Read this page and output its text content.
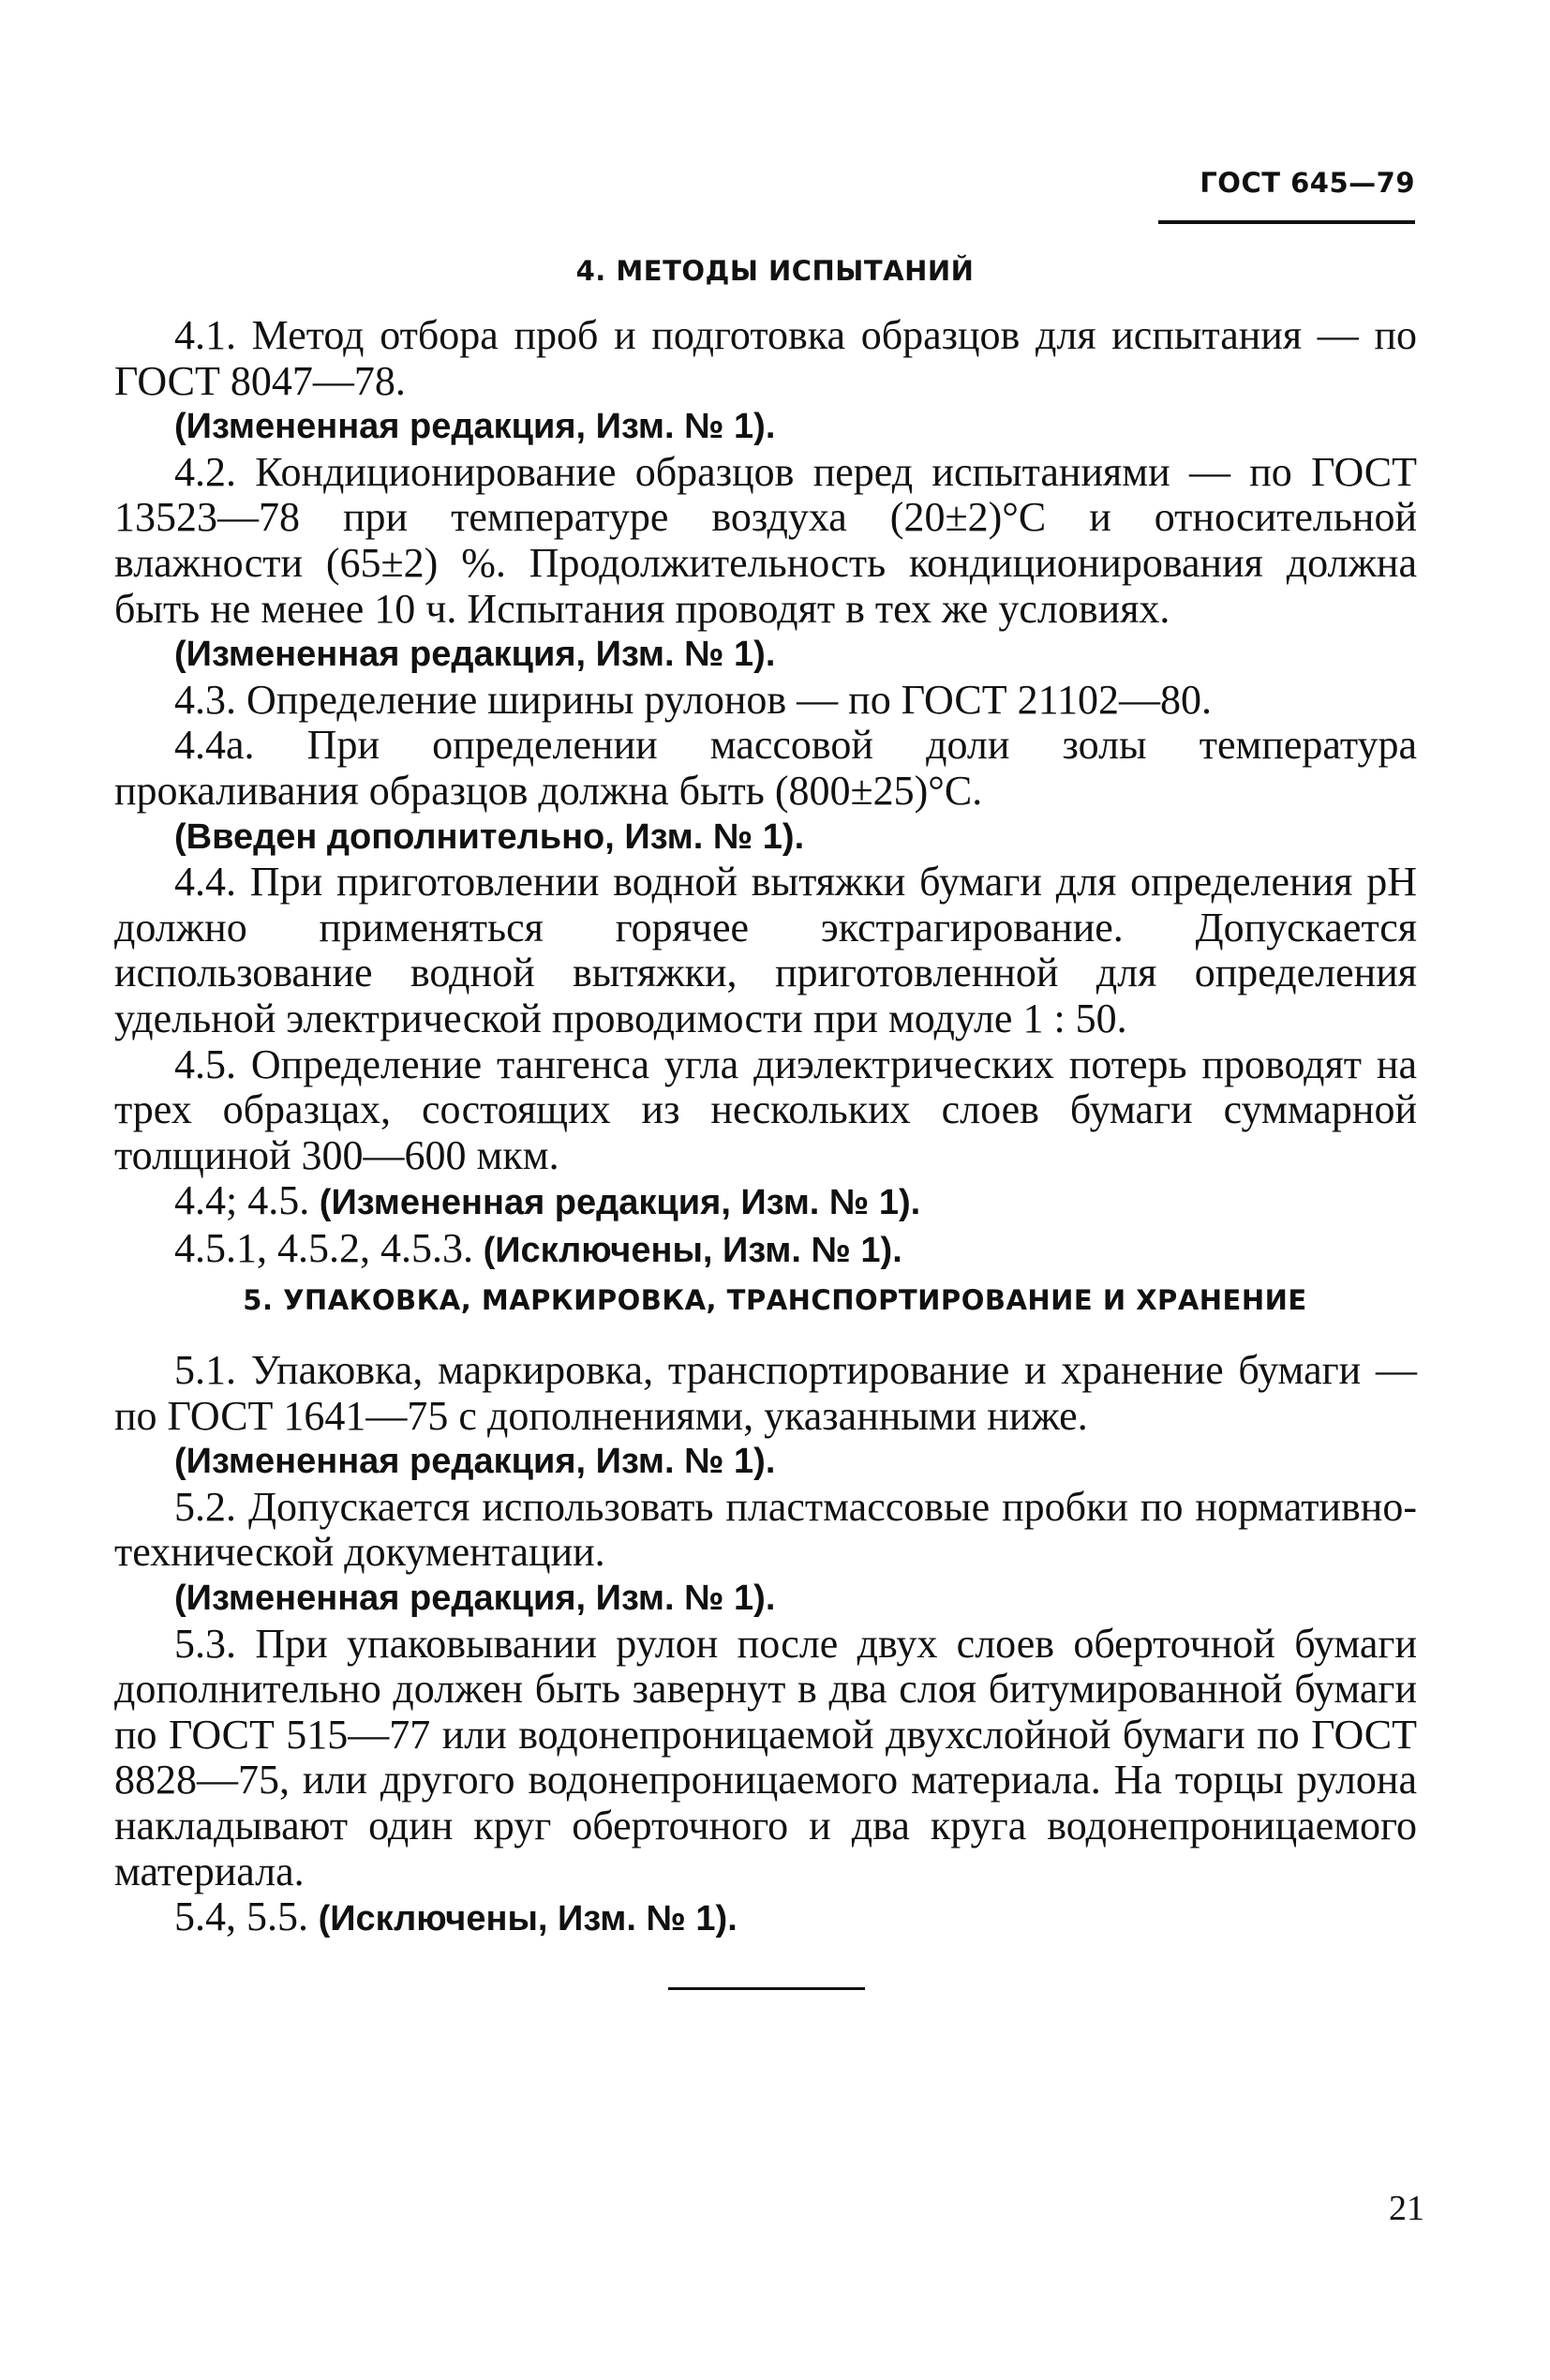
ГОСТ 645—79
4. МЕТОДЫ ИСПЫТАНИЙ

4.1. Метод отбора проб и подготовка образцов для испытания — по ГОСТ 8047—78.

(Измененная редакция, Изм. № 1).

4.2. Кондиционирование образцов перед испытаниями — по ГОСТ 13523—78 при температуре воздуха (20±2)°С и относительной влажности (65±2) %. Продолжительность кондиционирования должна быть не менее 10 ч. Испытания проводят в тех же условиях.

(Измененная редакция, Изм. № 1).

4.3. Определение ширины рулонов — по ГОСТ 21102—80.

4.4а. При определении массовой доли золы температура прокаливания образцов должна быть (800±25)°С.

(Введен дополнительно, Изм. № 1).

4.4. При приготовлении водной вытяжки бумаги для определения pH должно применяться горячее экстрагирование. Допускается использование водной вытяжки, приготовленной для определения удельной электрической проводимости при модуле 1 : 50.

4.5. Определение тангенса угла диэлектрических потерь проводят на трех образцах, состоящих из нескольких слоев бумаги суммарной толщиной 300—600 мкм.

4.4; 4.5. (Измененная редакция, Изм. № 1).

4.5.1, 4.5.2, 4.5.3. (Исключены, Изм. № 1).

5. УПАКОВКА, МАРКИРОВКА, ТРАНСПОРТИРОВАНИЕ И ХРАНЕНИЕ

5.1. Упаковка, маркировка, транспортирование и хранение бумаги — по ГОСТ 1641—75 с дополнениями, указанными ниже.

(Измененная редакция, Изм. № 1).

5.2. Допускается использовать пластмассовые пробки по нормативно-технической документации.

(Измененная редакция, Изм. № 1).

5.3. При упаковывании рулон после двух слоев оберточной бумаги дополнительно должен быть завернут в два слоя битумированной бумаги по ГОСТ 515—77 или водонепроницаемой двухслойной бумаги по ГОСТ 8828—75, или другого водонепроницаемого материала. На торцы рулона накладывают один круг оберточного и два круга водонепроницаемого материала.

5.4, 5.5. (Исключены, Изм. № 1).

21
